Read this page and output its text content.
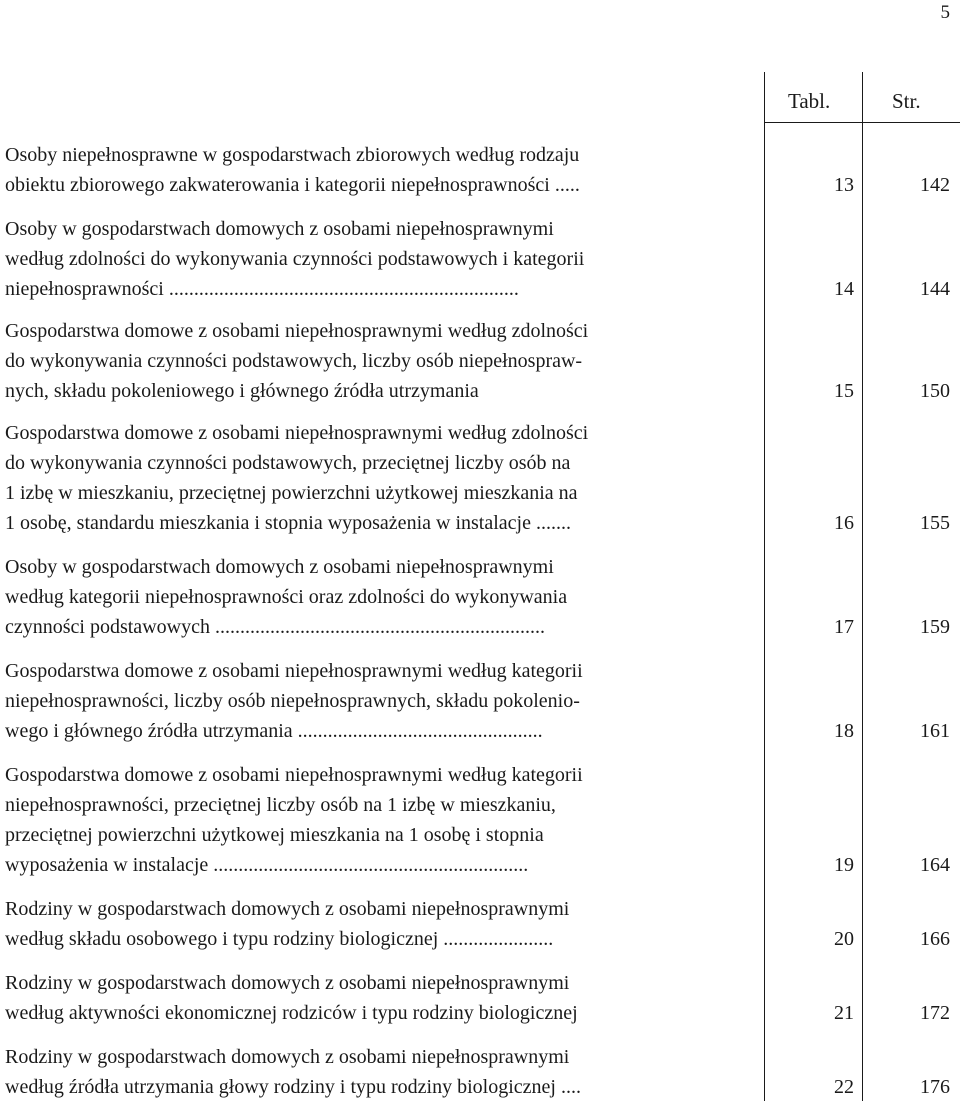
5
Tabl.	Str.
Osoby niepełnosprawne w gospodarstwach zbiorowych według rodzaju
obiektu zbiorowego zakwaterowania i kategorii niepełnosprawności .....	13	142
Osoby w gospodarstwach domowych z osobami niepełnosprawnymi
według zdolności do wykonywania czynności podstawowych i kategorii
niepełnosprawności ......................................................................	14	144
Gospodarstwa domowe z osobami niepełnosprawnymi według zdolności
do wykonywania czynności podstawowych, liczby osób niepełnospraw-
nych, składu pokoleniowego i głównego źródła utrzymania	15	150
Gospodarstwa domowe z osobami niepełnosprawnymi według zdolności
do wykonywania czynności podstawowych, przeciętnej liczby osób na
1 izbę w mieszkaniu, przeciętnej powierzchni użytkowej mieszkania na
1 osobę, standardu mieszkania i stopnia wyposażenia w instalacje .......	16	155
Osoby w gospodarstwach domowych z osobami niepełnosprawnymi
według kategorii niepełnosprawności oraz zdolności do wykonywania
czynności podstawowych ..................................................................	17	159
Gospodarstwa domowe z osobami niepełnosprawnymi według kategorii
niepełnosprawności, liczby osób niepełnosprawnych, składu pokolenio-
wego i głównego źródła utrzymania .................................................	18	161
Gospodarstwa domowe z osobami niepełnosprawnymi według kategorii
niepełnosprawności, przeciętnej liczby osób na 1 izbę w mieszkaniu,
przeciętnej powierzchni użytkowej mieszkania na 1 osobę i stopnia
wyposażenia w instalacje ...............................................................	19	164
Rodziny w gospodarstwach domowych z osobami niepełnosprawnymi
według składu osobowego i typu rodziny biologicznej ......................	20	166
Rodziny w gospodarstwach domowych z osobami niepełnosprawnymi
według aktywności ekonomicznej rodziców i typu rodziny biologicznej	21	172
Rodziny w gospodarstwach domowych z osobami niepełnosprawnymi
według źródła utrzymania głowy rodziny i typu rodziny biologicznej ....	22	176
